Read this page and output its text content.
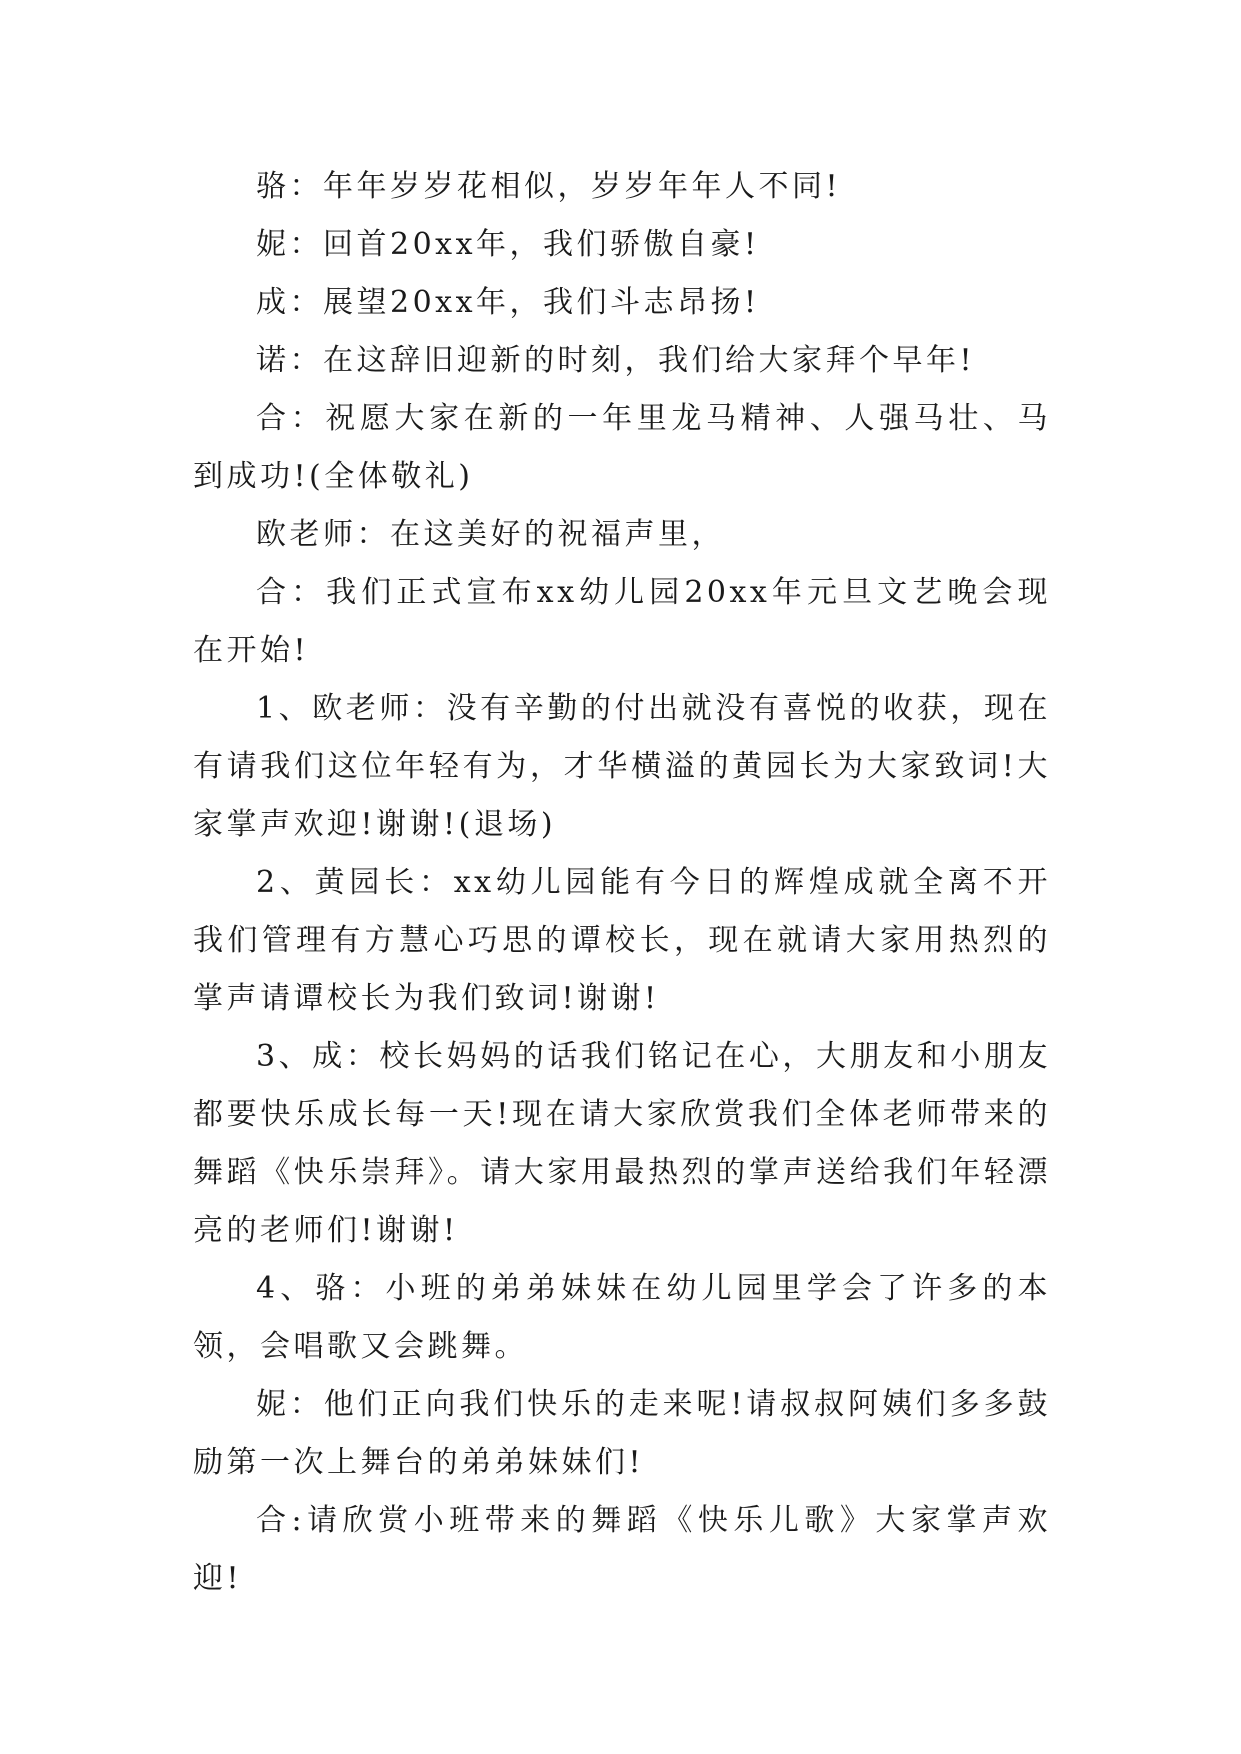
骆：年年岁岁花相似，岁岁年年人不同!

妮：回首20xx年，我们骄傲自豪!

成：展望20xx年，我们斗志昂扬!

诺：在这辞旧迎新的时刻，我们给大家拜个早年!

合：祝愿大家在新的一年里龙马精神、人强马壮、马到成功!(全体敬礼)

欧老师：在这美好的祝福声里，

合：我们正式宣布xx幼儿园20xx年元旦文艺晚会现在开始!

1、欧老师：没有辛勤的付出就没有喜悦的收获，现在有请我们这位年轻有为，才华横溢的黄园长为大家致词!大家掌声欢迎!谢谢!(退场)

2、黄园长：xx幼儿园能有今日的辉煌成就全离不开我们管理有方慧心巧思的谭校长，现在就请大家用热烈的掌声请谭校长为我们致词!谢谢!

3、成：校长妈妈的话我们铭记在心，大朋友和小朋友都要快乐成长每一天!现在请大家欣赏我们全体老师带来的舞蹈《快乐崇拜》。请大家用最热烈的掌声送给我们年轻漂亮的老师们!谢谢!

4、骆：小班的弟弟妹妹在幼儿园里学会了许多的本领，会唱歌又会跳舞。

妮：他们正向我们快乐的走来呢!请叔叔阿姨们多多鼓励第一次上舞台的弟弟妹妹们!

合:请欣赏小班带来的舞蹈《快乐儿歌》大家掌声欢迎!
